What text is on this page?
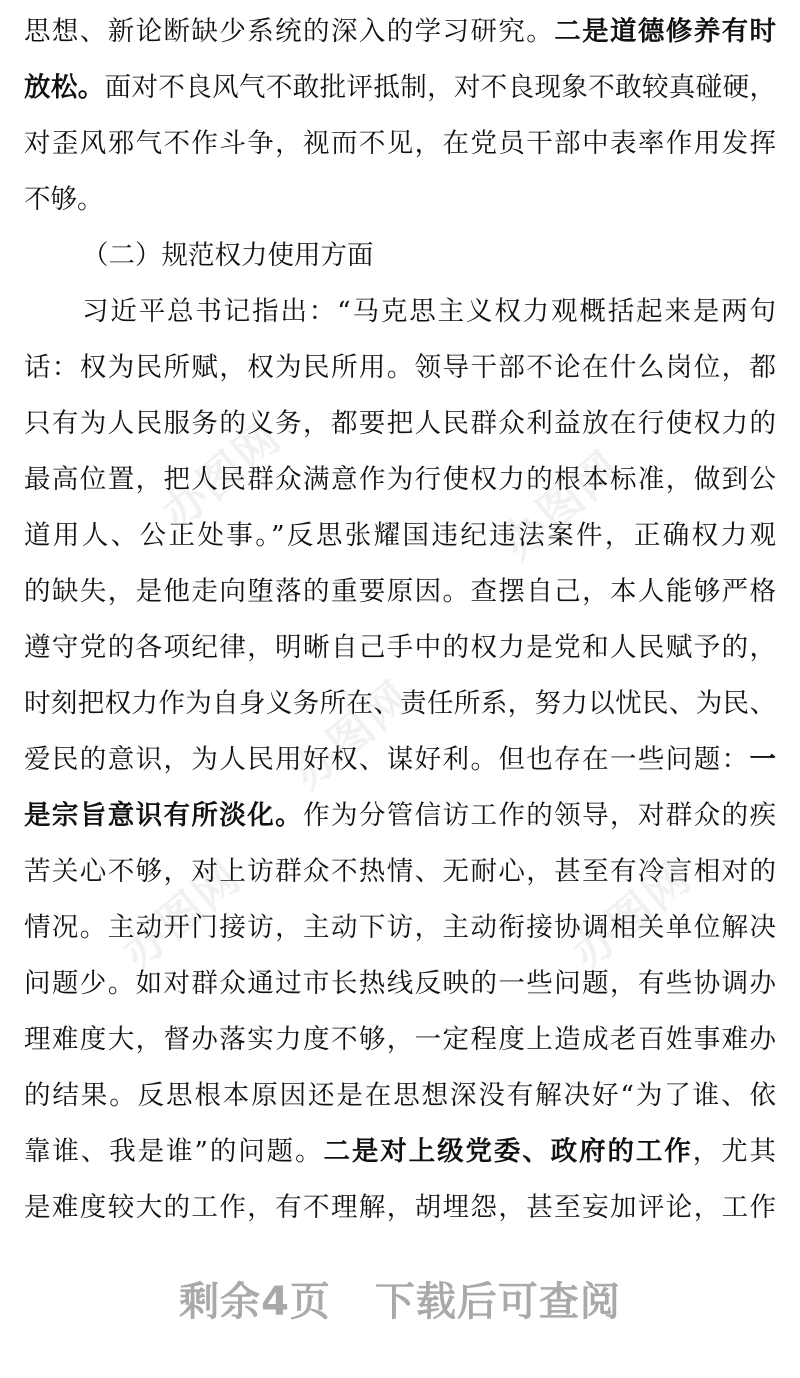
办图网	办图网
办图网
办图网	办图网
思想、新论断缺少系统的深入的学习研究。二是道德修养有时
放松。面对不良风气不敢批评抵制，对不良现象不敢较真碰硬，
对歪风邪气不作斗争，视而不见，在党员干部中表率作用发挥
不够。
（二）规范权力使用方面
习近平总书记指出：“马克思主义权力观概括起来是两句
话：权为民所赋，权为民所用。领导干部不论在什么岗位，都
只有为人民服务的义务，都要把人民群众利益放在行使权力的
最高位置，把人民群众满意作为行使权力的根本标准，做到公
道用人、公正处事。”反思张耀国违纪违法案件，正确权力观
的缺失，是他走向堕落的重要原因。查摆自己，本人能够严格
遵守党的各项纪律，明晰自己手中的权力是党和人民赋予的，
时刻把权力作为自身义务所在、责任所系，努力以忧民、为民、
爱民的意识，为人民用好权、谋好利。但也存在一些问题：一
是宗旨意识有所淡化。作为分管信访工作的领导，对群众的疾
苦关心不够，对上访群众不热情、无耐心，甚至有冷言相对的
情况。主动开门接访，主动下访，主动衔接协调相关单位解决
问题少。如对群众通过市长热线反映的一些问题，有些协调办
理难度大，督办落实力度不够，一定程度上造成老百姓事难办
的结果。反思根本原因还是在思想深没有解决好“为了谁、依
靠谁、我是谁”的问题。二是对上级党委、政府的工作，尤其
是难度较大的工作，有不理解，胡埋怨，甚至妄加评论，工作
剩余4页 下载后可查阅
